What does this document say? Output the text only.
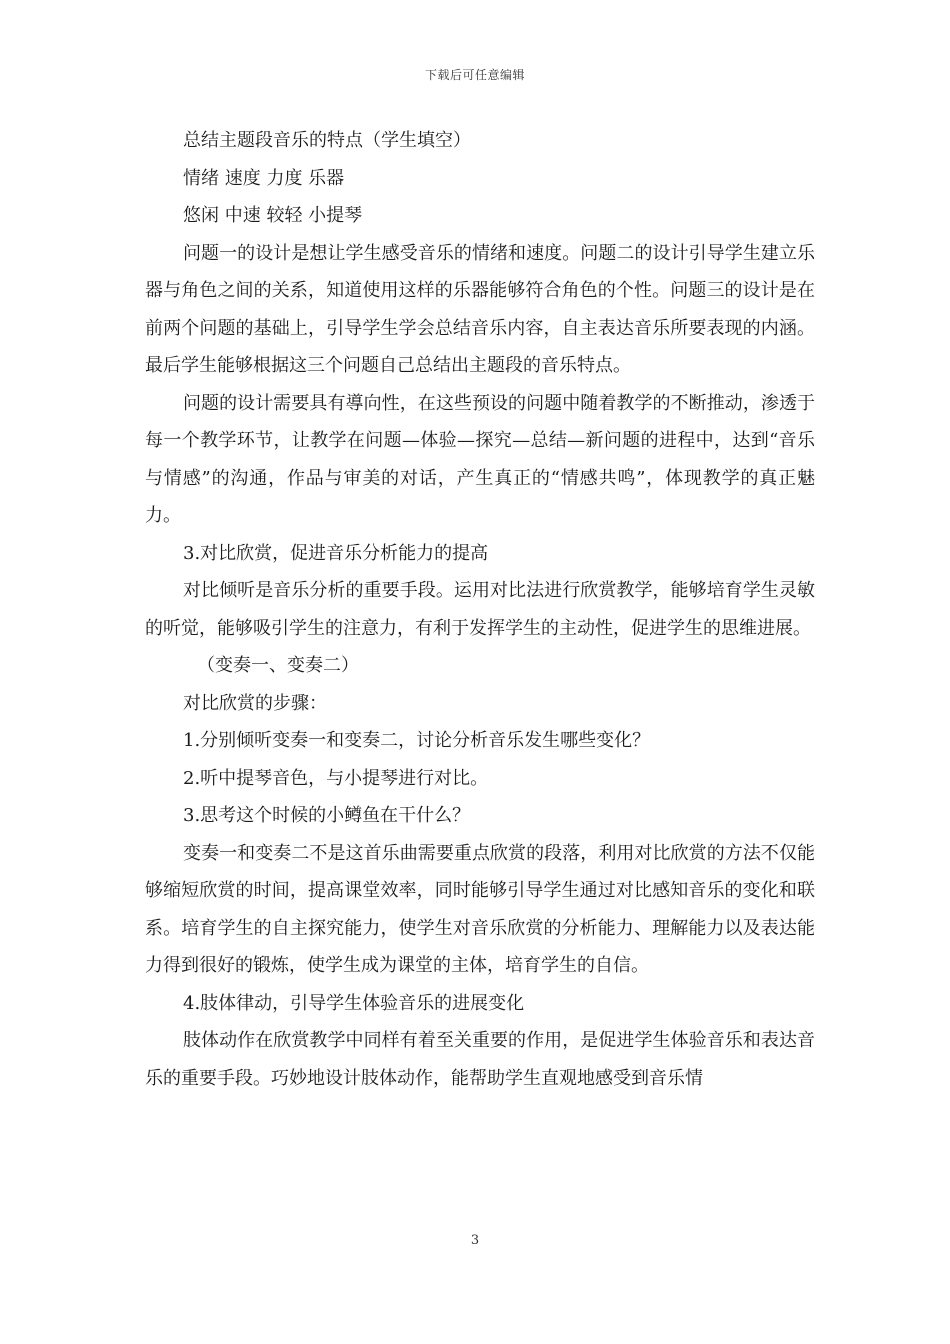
下载后可任意编辑

总结主题段音乐的特点（学生填空）

情绪 速度 力度 乐器

悠闲 中速 较轻 小提琴

问题一的设计是想让学生感受音乐的情绪和速度。问题二的设计引导学生建立乐器与角色之间的关系，知道使用这样的乐器能够符合角色的个性。问题三的设计是在前两个问题的基础上，引导学生学会总结音乐内容，自主表达音乐所要表现的内涵。最后学生能够根据这三个问题自己总结出主题段的音乐特点。

问题的设计需要具有導向性，在这些预设的问题中随着教学的不断推动，渗透于每一个教学环节，让教学在问题—体验—探究—总结—新问题的进程中，达到“音乐与情感”的沟通，作品与审美的对话，产生真正的“情感共鸣”，体现教学的真正魅力。

3.对比欣赏，促进音乐分析能力的提高

对比倾听是音乐分析的重要手段。运用对比法进行欣赏教学，能够培育学生灵敏的听觉，能够吸引学生的注意力，有利于发挥学生的主动性，促进学生的思维进展。

（变奏一、变奏二）

对比欣赏的步骤：

1.分别倾听变奏一和变奏二，讨论分析音乐发生哪些变化？

2.听中提琴音色，与小提琴进行对比。

3.思考这个时候的小鳟鱼在干什么？

变奏一和变奏二不是这首乐曲需要重点欣赏的段落，利用对比欣赏的方法不仅能够缩短欣赏的时间，提高课堂效率，同时能够引导学生通过对比感知音乐的变化和联系。培育学生的自主探究能力，使学生对音乐欣赏的分析能力、理解能力以及表达能力得到很好的锻炼，使学生成为课堂的主体，培育学生的自信。

4.肢体律动，引导学生体验音乐的进展变化

肢体动作在欣赏教学中同样有着至关重要的作用，是促进学生体验音乐和表达音乐的重要手段。巧妙地设计肢体动作，能帮助学生直观地感受到音乐情

3
